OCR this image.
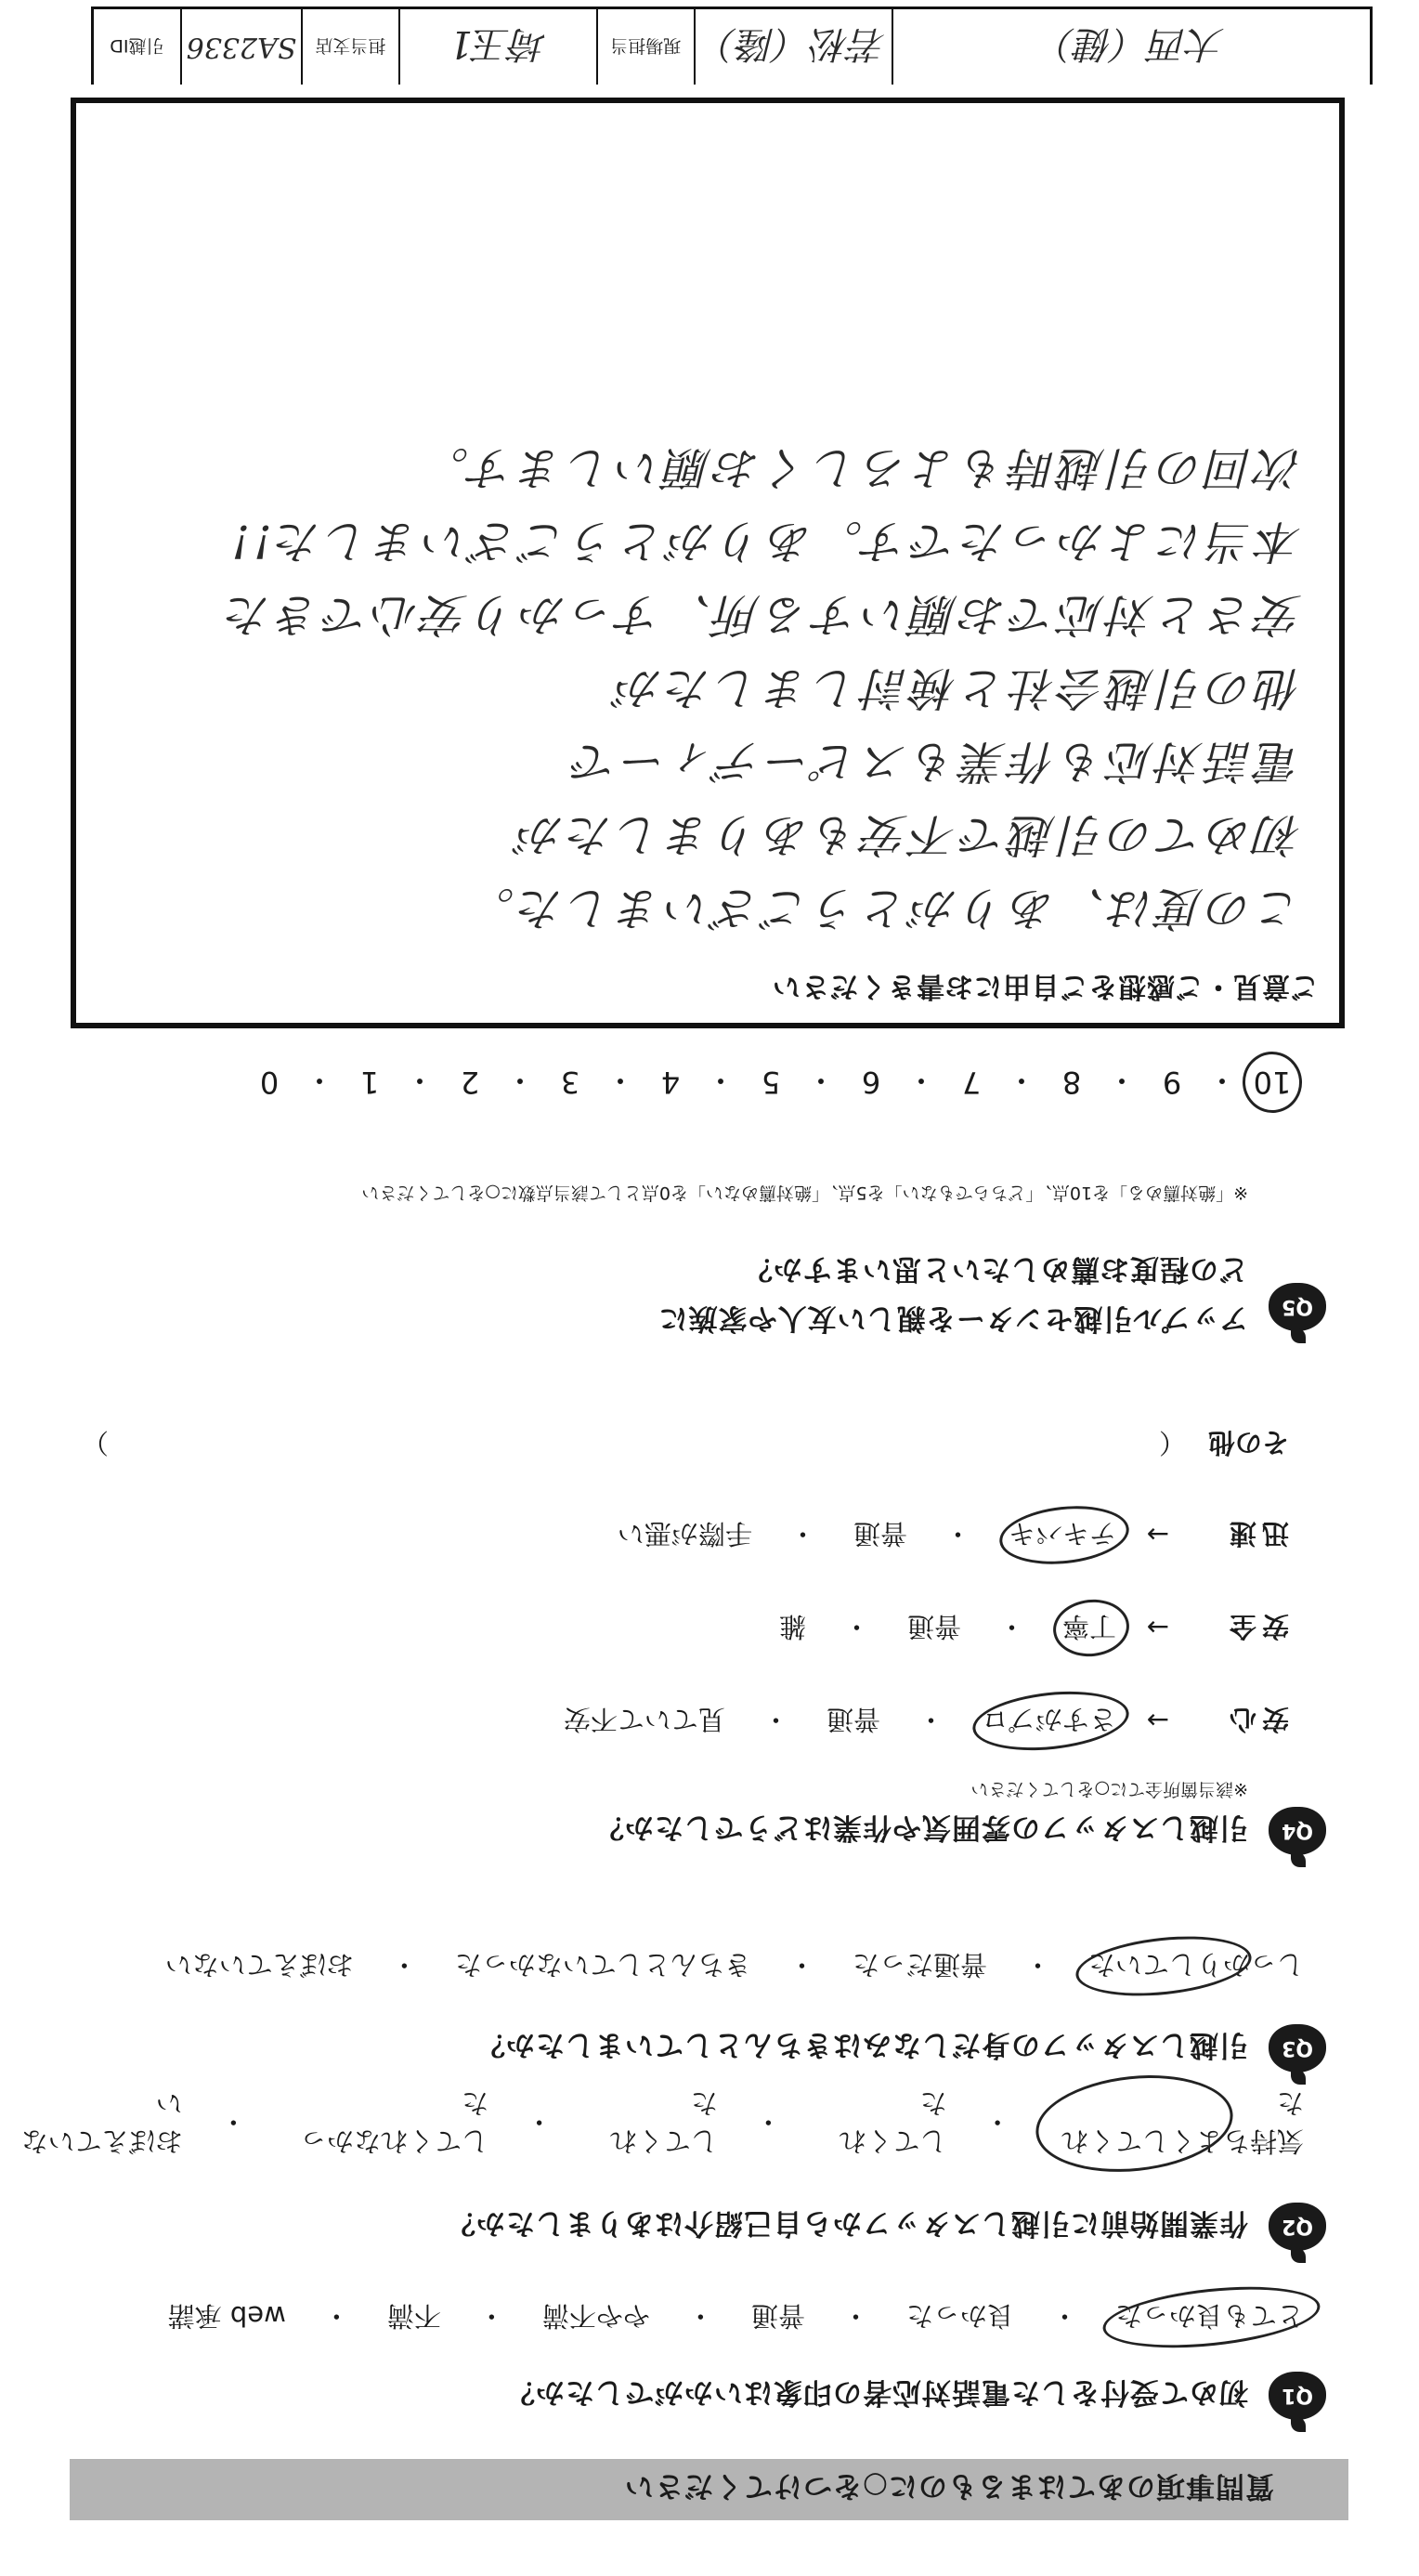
質問事項のあてはまるものに○をつけてください
Q1
初めて受付をした電話対応者の印象はいかがでしたか？
とても良かった
・
良かった
・
普通
・
やや不満
・
不満
・
web 承諾
Q2
作業開始前に引越しスタッフから自己紹介はありましたか？
気持ちよくしてくれた
・
してくれた
・
してくれた
・
してくれなかった
・
おぼえていない
Q3
引越しスタッフの身だしなみはきちんとしていましたか？
しっかりしていた
・
普通だった
・
きちんとしていなかった
・
おぼえていない
Q4
引越しスタッフの雰囲気や作業はどうでしたか？
※該当箇所全てに○をしてください
安心
→
さすがプロ
・
普通
・
見ていて不安
安全
→
丁寧
・
普通
・
雑
迅速
→
テキパキ
・
普通
・
手際が悪い
その他
（
）
Q5
アップル引越センターを親しい友人や家族に
どの程度お薦めしたいと思いますか？
※「絶対薦める」を10点、「どちらでもない」を5点、「絶対薦めない」を0点として該当点数に○をしてください
10
・
9
・
8
・
7
・
6
・
5
・
4
・
3
・
2
・
1
・
0
ご意見・ご感想をご自由にお書きください
この度は、ありがとうございました。
初めての引越で不安もありましたが
電話対応も作業もスピーディーで
他の引越会社と検討しましたが
安さと対応でお願いする所、すっかり安心できた
本当によかったです。ありがとうございました!!
次回の引越時もよろしくお願いします。
大西（健）
若松（隆）
現場担当
埼玉1
担当支店
SA2336
引越ID
